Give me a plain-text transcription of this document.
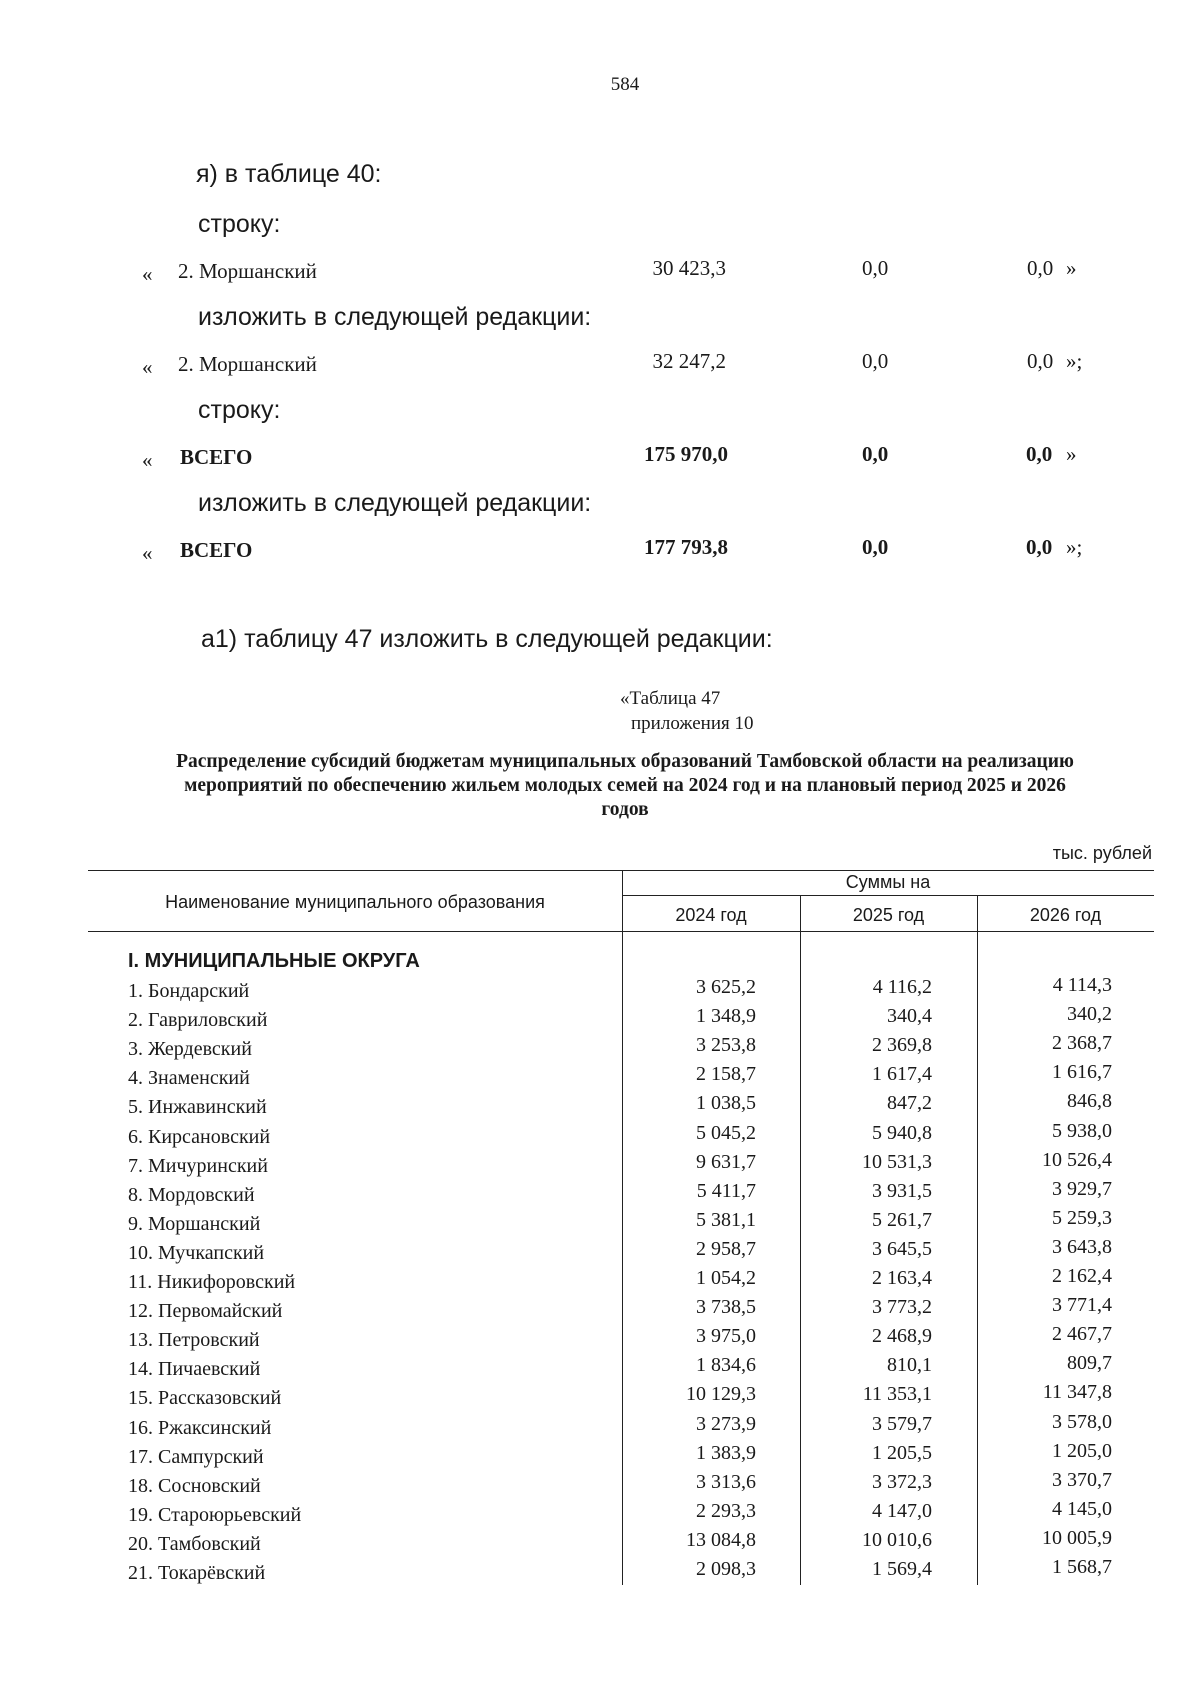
584
я) в таблице 40:
строку:
« 2. Моршанский	30 423,3	0,0	0,0 »
изложить в следующей редакции:
« 2. Моршанский	32 247,2	0,0	0,0 »;
строку:
« ВСЕГО	175 970,0	0,0	0,0 »
изложить в следующей редакции:
« ВСЕГО	177 793,8	0,0	0,0 »;
а1) таблицу 47 изложить в следующей редакции:
«Таблица 47
приложения 10
Распределение субсидий бюджетам муниципальных образований Тамбовской области на реализацию мероприятий по обеспечению жильем молодых семей на 2024 год и на плановый период 2025 и 2026 годов
тыс. рублей
Наименование муниципального образования
Суммы на
2024 год	2025 год	2026 год
I. МУНИЦИПАЛЬНЫЕ ОКРУГА
1. Бондарский	3 625,2	4 116,2	4 114,3
2. Гавриловский	1 348,9	340,4	340,2
3. Жердевский	3 253,8	2 369,8	2 368,7
4. Знаменский	2 158,7	1 617,4	1 616,7
5. Инжавинский	1 038,5	847,2	846,8
6. Кирсановский	5 045,2	5 940,8	5 938,0
7. Мичуринский	9 631,7	10 531,3	10 526,4
8. Мордовский	5 411,7	3 931,5	3 929,7
9. Моршанский	5 381,1	5 261,7	5 259,3
10. Мучкапский	2 958,7	3 645,5	3 643,8
11. Никифоровский	1 054,2	2 163,4	2 162,4
12. Первомайский	3 738,5	3 773,2	3 771,4
13. Петровский	3 975,0	2 468,9	2 467,7
14. Пичаевский	1 834,6	810,1	809,7
15. Рассказовский	10 129,3	11 353,1	11 347,8
16. Ржаксинский	3 273,9	3 579,7	3 578,0
17. Сампурский	1 383,9	1 205,5	1 205,0
18. Сосновский	3 313,6	3 372,3	3 370,7
19. Староюрьевский	2 293,3	4 147,0	4 145,0
20. Тамбовский	13 084,8	10 010,6	10 005,9
21. Токарёвский	2 098,3	1 569,4	1 568,7
